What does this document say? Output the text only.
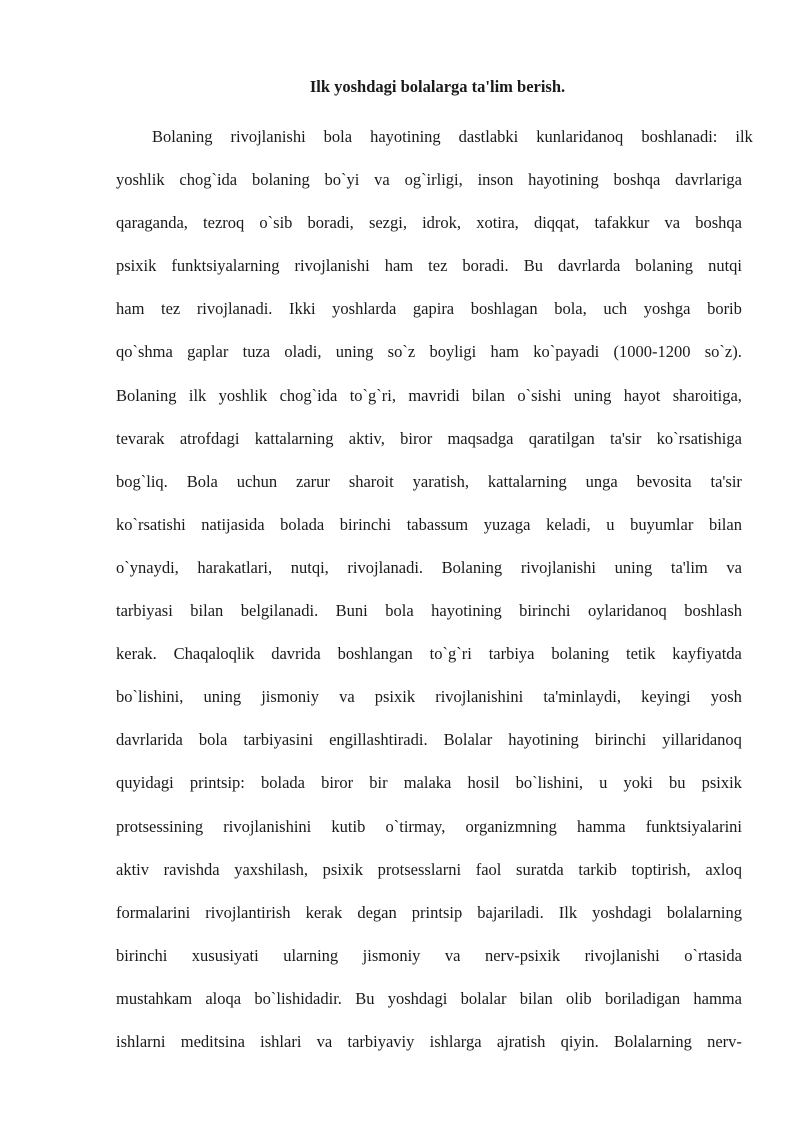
Ilk yoshdagi bolalarga ta'lim berish.
Bolaning	rivojlanishi	bola	hayotining	dastlabki	kunlaridanoq	boshlanadi:	ilk
yoshlik chog`ida bolaning bo`yi va og`irligi, inson hayotining boshqa davrlariga
qaraganda, tezroq o`sib boradi, sezgi, idrok, xotira, diqqat, tafakkur va boshqa
psixik funktsiyalarning rivojlanishi ham tez boradi. Bu davrlarda bolaning nutqi
ham tez rivojlanadi. Ikki yoshlarda gapira boshlagan bola, uch yoshga borib
qo`shma gaplar tuza oladi, uning so`z boyligi ham ko`payadi (1000-1200 so`z).
Bolaning ilk yoshlik chog`ida to`g`ri, mavridi bilan o`sishi uning hayot sharoitiga,
tevarak atrofdagi kattalarning aktiv, biror maqsadga qaratilgan ta'sir ko`rsatishiga
bog`liq. Bola uchun zarur sharoit yaratish, kattalarning unga bevosita ta'sir
ko`rsatishi natijasida bolada birinchi tabassum yuzaga keladi, u buyumlar bilan
o`ynaydi, harakatlari, nutqi, rivojlanadi. Bolaning rivojlanishi uning ta'lim va
tarbiyasi bilan belgilanadi. Buni bola hayotining birinchi oylaridanoq boshlash
kerak. Chaqaloqlik davrida boshlangan to`g`ri tarbiya bolaning tetik kayfiyatda
bo`lishini, uning jismoniy va psixik rivojlanishini ta'minlaydi, keyingi yosh
davrlarida bola tarbiyasini engillashtiradi. Bolalar hayotining birinchi yillaridanoq
quyidagi printsip: bolada biror bir malaka hosil bo`lishini, u yoki bu psixik
protsessining rivojlanishini kutib o`tirmay, organizmning hamma funktsiyalarini
aktiv ravishda yaxshilash, psixik protsesslarni faol suratda tarkib toptirish, axloq
formalarini rivojlantirish kerak degan printsip bajariladi. Ilk yoshdagi bolalarning
birinchi xususiyati ularning jismoniy va nerv-psixik rivojlanishi o`rtasida
mustahkam aloqa bo`lishidadir. Bu yoshdagi bolalar bilan olib boriladigan hamma
ishlarni meditsina ishlari va tarbiyaviy ishlarga ajratish qiyin. Bolalarning nerv-
